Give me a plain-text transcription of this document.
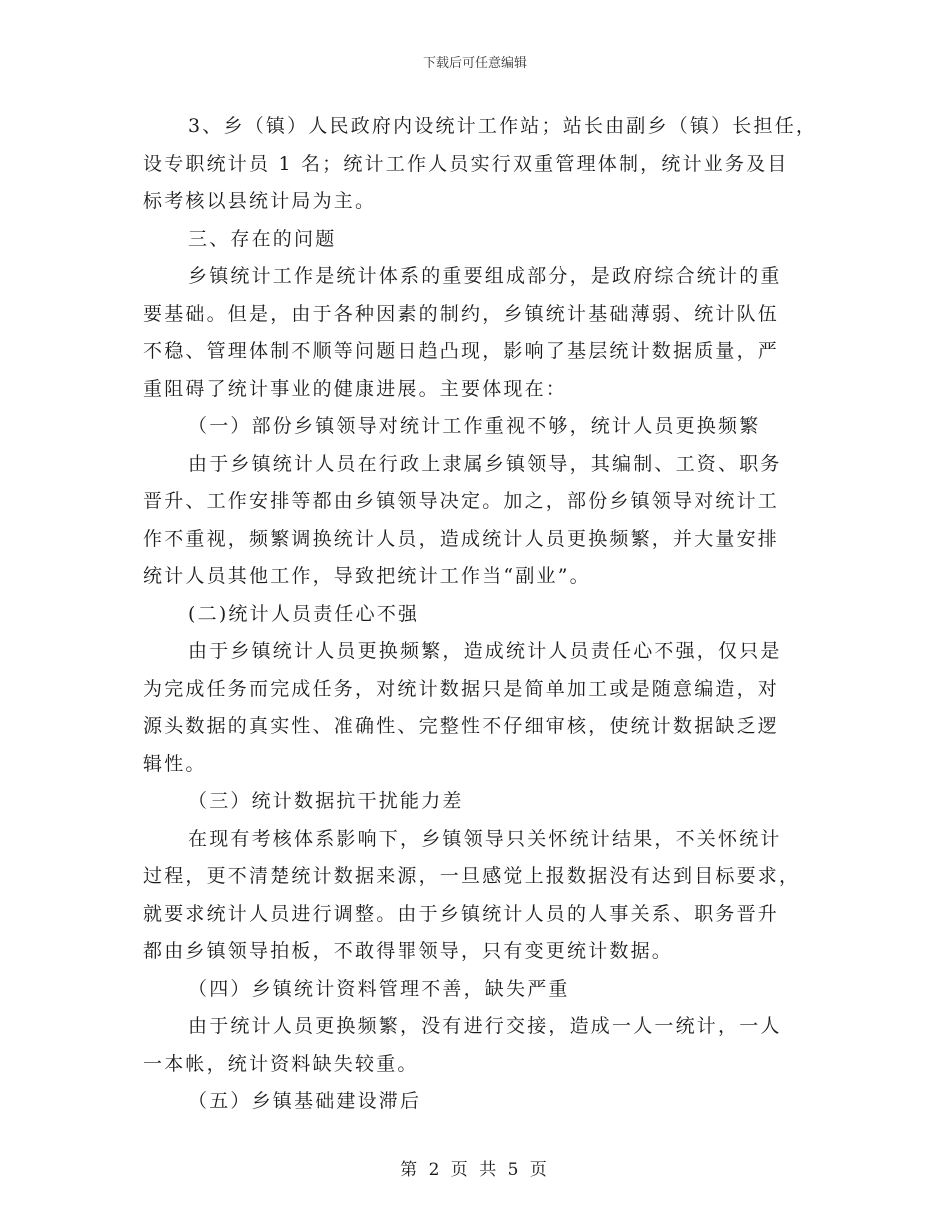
下载后可任意编辑
3、乡（镇）人民政府内设统计工作站；站长由副乡（镇）长担任，
设专职统计员 1 名；统计工作人员实行双重管理体制，统计业务及目
标考核以县统计局为主。
三、存在的问题
乡镇统计工作是统计体系的重要组成部分，是政府综合统计的重
要基础。但是，由于各种因素的制约，乡镇统计基础薄弱、统计队伍
不稳、管理体制不顺等问题日趋凸现，影响了基层统计数据质量，严
重阻碍了统计事业的健康进展。主要体现在：
（一）部份乡镇领导对统计工作重视不够，统计人员更换频繁
由于乡镇统计人员在行政上隶属乡镇领导，其编制、工资、职务
晋升、工作安排等都由乡镇领导决定。加之，部份乡镇领导对统计工
作不重视，频繁调换统计人员，造成统计人员更换频繁，并大量安排
统计人员其他工作，导致把统计工作当“副业”。
(二)统计人员责任心不强
由于乡镇统计人员更换频繁，造成统计人员责任心不强，仅只是
为完成任务而完成任务，对统计数据只是简单加工或是随意编造，对
源头数据的真实性、准确性、完整性不仔细审核，使统计数据缺乏逻
辑性。
（三）统计数据抗干扰能力差
在现有考核体系影响下，乡镇领导只关怀统计结果，不关怀统计
过程，更不清楚统计数据来源，一旦感觉上报数据没有达到目标要求，
就要求统计人员进行调整。由于乡镇统计人员的人事关系、职务晋升
都由乡镇领导拍板，不敢得罪领导，只有变更统计数据。
（四）乡镇统计资料管理不善，缺失严重
由于统计人员更换频繁，没有进行交接，造成一人一统计，一人
一本帐，统计资料缺失较重。
（五）乡镇基础建设滞后
第 2 页 共 5 页
